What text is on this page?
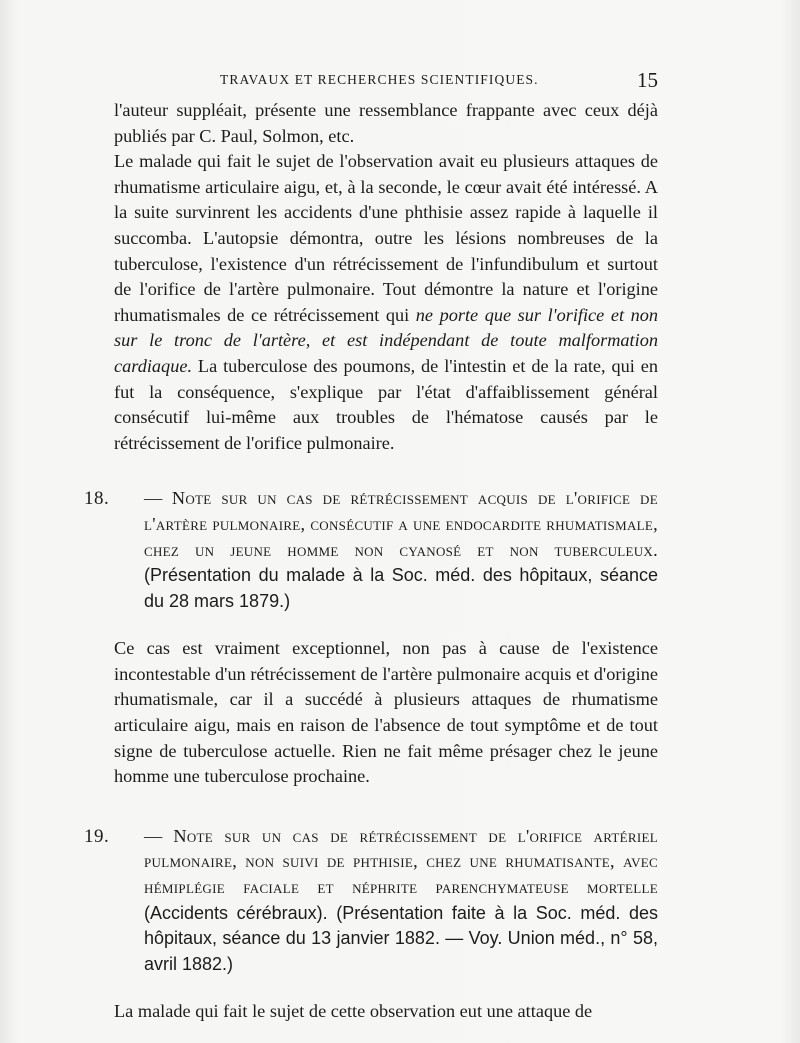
TRAVAUX ET RECHERCHES SCIENTIFIQUES.	15

l'auteur suppléait, présente une ressemblance frappante avec ceux déjà publiés par C. Paul, Solmon, etc.

Le malade qui fait le sujet de l'observation avait eu plusieurs attaques de rhumatisme articulaire aigu, et, à la seconde, le cœur avait été intéressé. A la suite survinrent les accidents d'une phthisie assez rapide à laquelle il succomba. L'autopsie démontra, outre les lésions nombreuses de la tuberculose, l'existence d'un rétrécissement de l'infundibulum et surtout de l'orifice de l'artère pulmonaire. Tout démontre la nature et l'origine rhumatismales de ce rétrécissement qui ne porte que sur l'orifice et non sur le tronc de l'artère, et est indépendant de toute malformation cardiaque. La tuberculose des poumons, de l'intestin et de la rate, qui en fut la conséquence, s'explique par l'état d'affaiblissement général consécutif lui-même aux troubles de l'hématose causés par le rétrécissement de l'orifice pulmonaire.

18. — Note sur un cas de rétrécissement acquis de l'orifice de l'artère pulmonaire, consécutif a une endocardite rhumatismale, chez un jeune homme non cyanosé et non tuberculeux. (Présentation du malade à la Soc. méd. des hôpitaux, séance du 28 mars 1879.)

Ce cas est vraiment exceptionnel, non pas à cause de l'existence incontestable d'un rétrécissement de l'artère pulmonaire acquis et d'origine rhumatismale, car il a succédé à plusieurs attaques de rhumatisme articulaire aigu, mais en raison de l'absence de tout symptôme et de tout signe de tuberculose actuelle. Rien ne fait même présager chez le jeune homme une tuberculose prochaine.

19. — Note sur un cas de rétrécissement de l'orifice artériel pulmonaire, non suivi de phthisie, chez une rhumatisante, avec hémiplégie faciale et néphrite parenchymateuse mortelle (Accidents cérébraux). (Présentation faite à la Soc. méd. des hôpitaux, séance du 13 janvier 1882. — Voy. Union méd., n° 58, avril 1882.)

La malade qui fait le sujet de cette observation eut une attaque de
